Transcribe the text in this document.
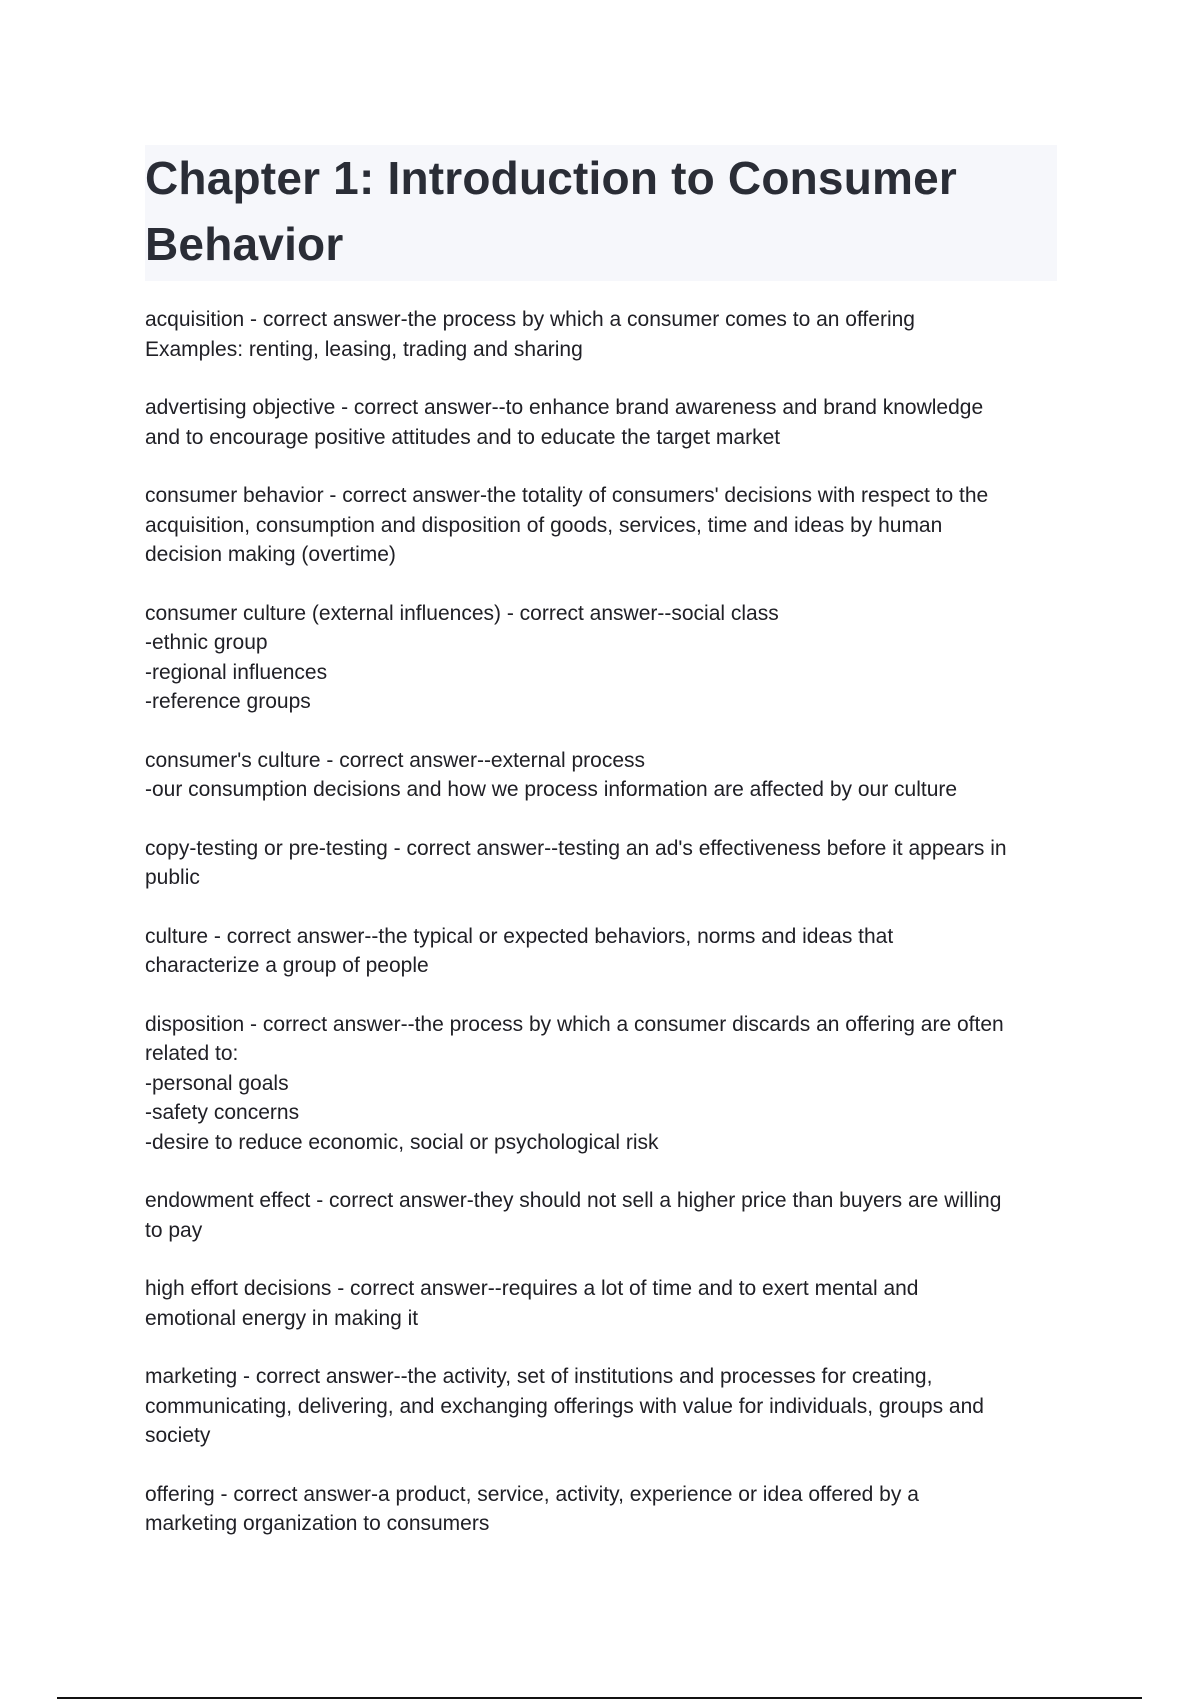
Chapter 1: Introduction to Consumer
Behavior
acquisition - correct answer-the process by which a consumer comes to an offering
Examples: renting, leasing, trading and sharing
advertising objective - correct answer--to enhance brand awareness and brand knowledge
and to encourage positive attitudes and to educate the target market
consumer behavior - correct answer-the totality of consumers' decisions with respect to the
acquisition, consumption and disposition of goods, services, time and ideas by human
decision making (overtime)
consumer culture (external influences) - correct answer--social class
-ethnic group
-regional influences
-reference groups
consumer's culture - correct answer--external process
-our consumption decisions and how we process information are affected by our culture
copy-testing or pre-testing - correct answer--testing an ad's effectiveness before it appears in
public
culture - correct answer--the typical or expected behaviors, norms and ideas that
characterize a group of people
disposition - correct answer--the process by which a consumer discards an offering are often
related to:
-personal goals
-safety concerns
-desire to reduce economic, social or psychological risk
endowment effect - correct answer-they should not sell a higher price than buyers are willing
to pay
high effort decisions - correct answer--requires a lot of time and to exert mental and
emotional energy in making it
marketing - correct answer--the activity, set of institutions and processes for creating,
communicating, delivering, and exchanging offerings with value for individuals, groups and
society
offering - correct answer-a product, service, activity, experience or idea offered by a
marketing organization to consumers
